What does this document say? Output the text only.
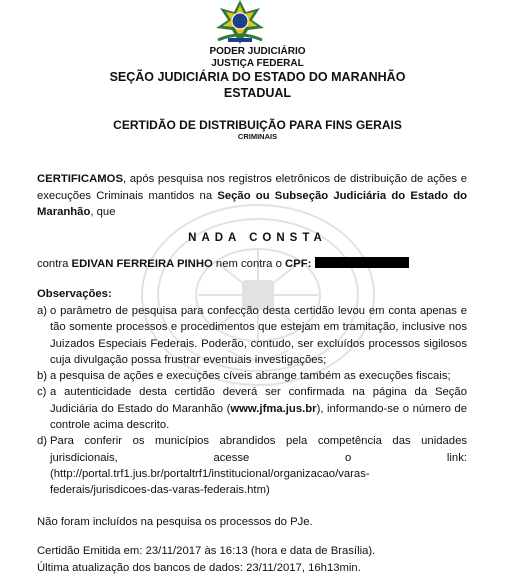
PODER JUDICIÁRIO
JUSTIÇA FEDERAL
SEÇÃO JUDICIÁRIA DO ESTADO DO MARANHÃO
ESTADUAL
CERTIDÃO DE DISTRIBUIÇÃO PARA FINS GERAIS
CRIMINAIS
CERTIFICAMOS, após pesquisa nos registros eletrônicos de distribuição de ações e execuções Criminais mantidos na Seção ou Subseção Judiciária do Estado do Maranhão, que
NADA CONSTA
contra EDIVAN FERREIRA PINHO nem contra o CPF:
Observações:
a) o parâmetro de pesquisa para confecção desta certidão levou em conta apenas e tão somente processos e procedimentos que estejam em tramitação, inclusive nos Juizados Especiais Federais. Poderão, contudo, ser excluídos processos sigilosos cuja divulgação possa frustrar eventuais investigações;
b) a pesquisa de ações e execuções cíveis abrange também as execuções fiscais;
c) a autenticidade desta certidão deverá ser confirmada na página da Seção Judiciária do Estado do Maranhão (www.jfma.jus.br), informando-se o número de controle acima descrito.
d) Para conferir os municípios abrandidos pela competência das unidades jurisdicionais, acesse o link: (http://portal.trf1.jus.br/portaltrf1/institucional/organizacao/varas-federais/jurisdicoes-das-varas-federais.htm)
Não foram incluídos na pesquisa os processos do PJe.
Certidão Emitida em: 23/11/2017 às 16:13 (hora e data de Brasília).
Última atualização dos bancos de dados: 23/11/2017, 16h13min.
